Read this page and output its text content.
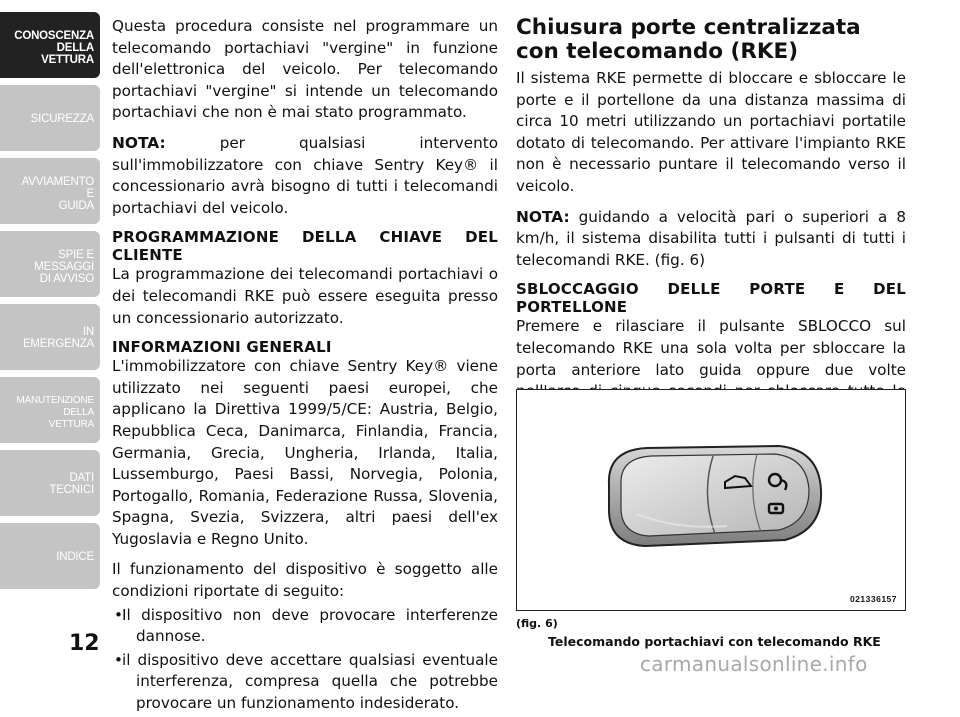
CONOSCENZA
DELLA
VETTURA
SICUREZZA
AVVIAMENTO
E
GUIDA
SPIE E
MESSAGGI
DI AVVISO
IN
EMERGENZA
MANUTENZIONE
DELLA
VETTURA
DATI
TECNICI
INDICE
12

Questa procedura consiste nel programmare un telecomando portachiavi "vergine" in funzione dell'elettronica del veicolo. Per telecomando portachiavi "vergine" si intende un telecomando portachiavi che non è mai stato programmato.

NOTA:	per qualsiasi intervento sull'immobilizzatore con chiave Sentry Key® il concessionario avrà bisogno di tutti i telecomandi portachiavi del veicolo.

PROGRAMMAZIONE DELLA CHIAVE DEL CLIENTE

La programmazione dei telecomandi portachiavi o dei telecomandi RKE può essere eseguita presso un concessionario autorizzato.

INFORMAZIONI GENERALI

L'immobilizzatore con chiave Sentry Key® viene utilizzato nei seguenti paesi europei, che applicano la Direttiva 1999/5/CE: Austria, Belgio, Repubblica Ceca, Danimarca, Finlandia, Francia, Germania, Grecia, Ungheria, Irlanda, Italia, Lussemburgo, Paesi Bassi, Norvegia, Polonia, Portogallo, Romania, Federazione Russa, Slovenia, Spagna, Svezia, Svizzera, altri paesi dell'ex Yugoslavia e Regno Unito.

Il funzionamento del dispositivo è soggetto alle condizioni riportate di seguito:

• Il dispositivo non deve provocare interferenze dannose.
• il dispositivo deve accettare qualsiasi eventuale interferenza, compresa quella che potrebbe provocare un funzionamento indesiderato.
Chiusura porte centralizzata con telecomando (RKE)

Il sistema RKE permette di bloccare e sbloccare le porte e il portellone da una distanza massima di circa 10 metri utilizzando un portachiavi portatile dotato di telecomando. Per attivare l'impianto RKE non è necessario puntare il telecomando verso il veicolo.

NOTA: guidando a velocità pari o superiori a 8 km/h, il sistema disabilita tutti i pulsanti di tutti i telecomandi RKE. (fig. 6)

SBLOCCAGGIO DELLE PORTE E DEL PORTELLONE

Premere e rilasciare il pulsante SBLOCCO sul telecomando RKE una sola volta per sbloccare la porta anteriore lato guida oppure due volte

021336157
(fig. 6)
Telecomando portachiavi con telecomando RKE
carmanualsonline.info
